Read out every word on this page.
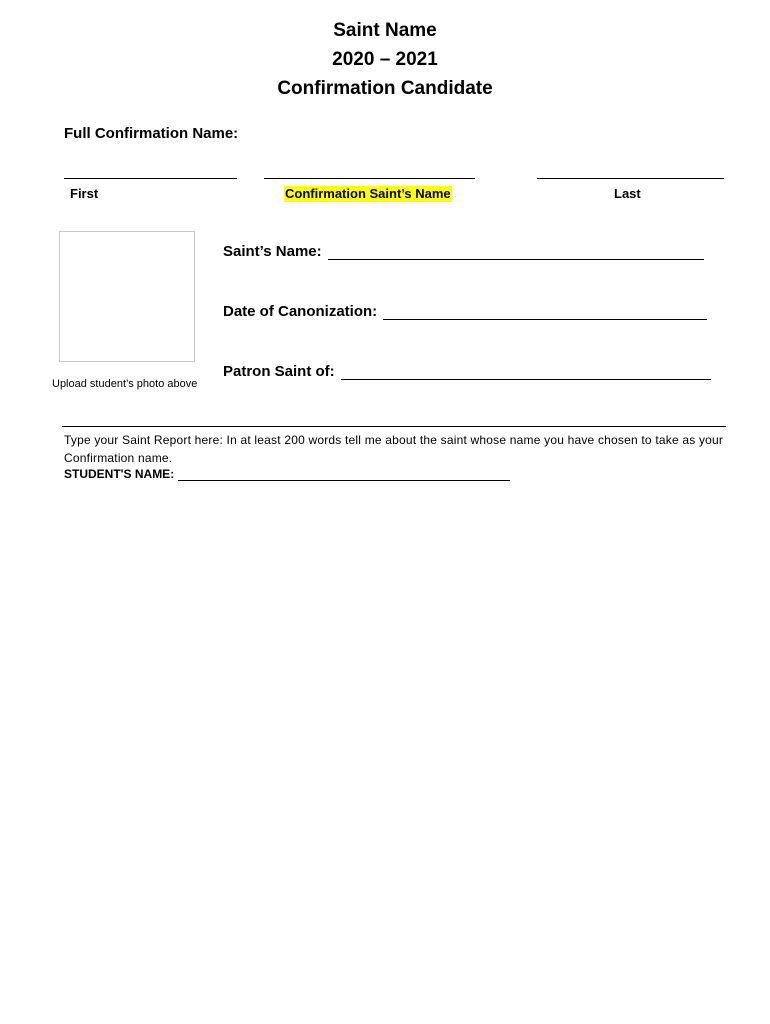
Saint Name
2020 – 2021
Confirmation Candidate
Full Confirmation Name:
First	Confirmation Saint’s Name	Last
Upload student’s photo above
Saint’s Name:
Date of Canonization:
Patron Saint of:
Type your Saint Report here: In at least 200 words tell me about the saint whose name you have chosen to take as your Confirmation name.
STUDENT'S NAME:
